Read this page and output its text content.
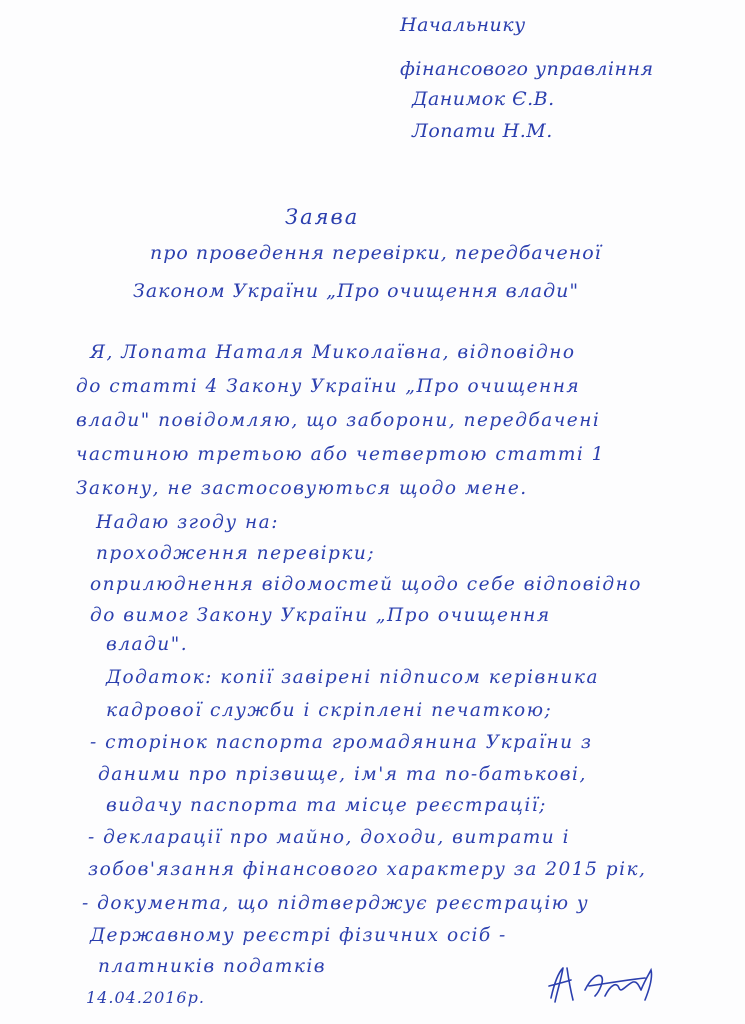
Начальнику
фінансового управління
Данимок Є.В.
Лопати Н.М.
Заява
про проведення перевірки, передбаченої
Законом України „Про очищення влади"
Я, Лопата Наталя Миколаївна, відповідно
до статті 4 Закону України „Про очищення
влади" повідомляю, що заборони, передбачені
частиною третьою або четвертою статті 1
Закону, не застосовуються щодо мене.
Надаю згоду на:
проходження перевірки;
оприлюднення відомостей щодо себе відповідно
до вимог Закону України „Про очищення
влади".
Додаток: копії завірені підписом керівника
кадрової служби і скріплені печаткою;
- сторінок паспорта громадянина України з
даними про прізвище, ім'я та по-батькові,
видачу паспорта та місце реєстрації;
- декларації про майно, доходи, витрати і
зобов'язання фінансового характеру за 2015 рік,
- документа, що підтверджує реєстрацію у
Державному реєстрі фізичних осіб -
платників податків
14.04.2016р.
